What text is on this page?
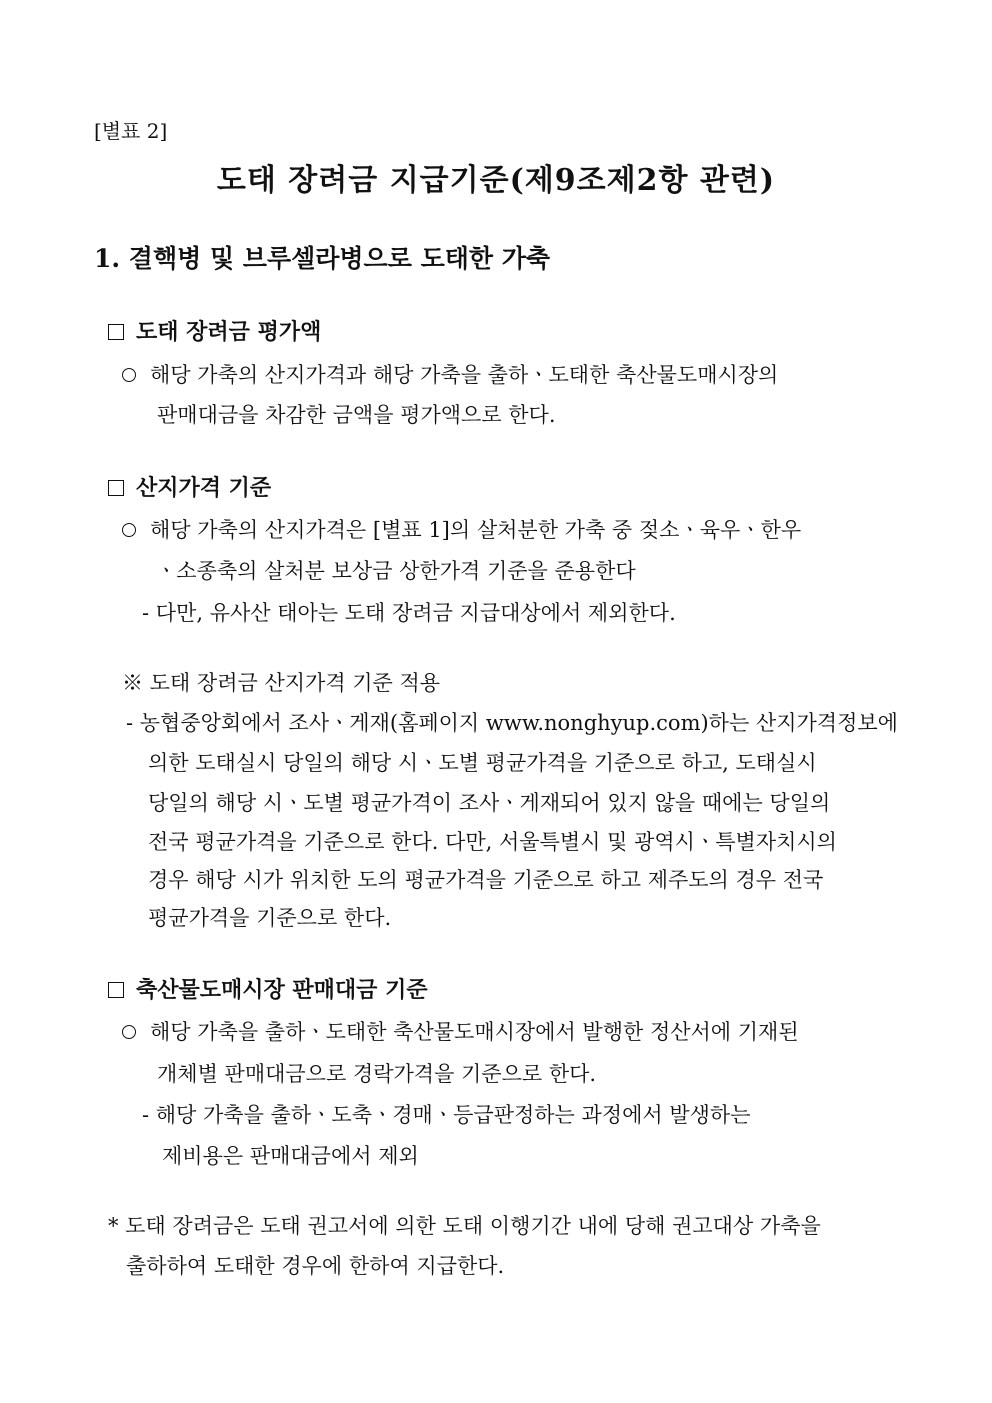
[별표 2]
도태 장려금 지급기준(제9조제2항 관련)
1. 결핵병 및 브루셀라병으로 도태한 가축
도태 장려금 평가액
해당 가축의 산지가격과 해당 가축을 출하ㆍ도태한 축산물도매시장의
판매대금을 차감한 금액을 평가액으로 한다.
산지가격 기준
해당 가축의 산지가격은 [별표 1]의 살처분한 가축 중 젖소ㆍ육우ㆍ한우
ㆍ소종축의 살처분 보상금 상한가격 기준을 준용한다
- 다만, 유사산 태아는 도태 장려금 지급대상에서 제외한다.
※ 도태 장려금 산지가격 기준 적용
- 농협중앙회에서 조사ㆍ게재(홈페이지 www.nonghyup.com)하는 산지가격정보에
의한 도태실시 당일의 해당 시ㆍ도별 평균가격을 기준으로 하고, 도태실시
당일의 해당 시ㆍ도별 평균가격이 조사ㆍ게재되어 있지 않을 때에는 당일의
전국 평균가격을 기준으로 한다. 다만, 서울특별시 및 광역시ㆍ특별자치시의
경우 해당 시가 위치한 도의 평균가격을 기준으로 하고 제주도의 경우 전국
평균가격을 기준으로 한다.
축산물도매시장 판매대금 기준
해당 가축을 출하ㆍ도태한 축산물도매시장에서 발행한 정산서에 기재된
개체별 판매대금으로 경락가격을 기준으로 한다.
- 해당 가축을 출하ㆍ도축ㆍ경매ㆍ등급판정하는 과정에서 발생하는
제비용은 판매대금에서 제외
* 도태 장려금은 도태 권고서에 의한 도태 이행기간 내에 당해 권고대상 가축을
출하하여 도태한 경우에 한하여 지급한다.
